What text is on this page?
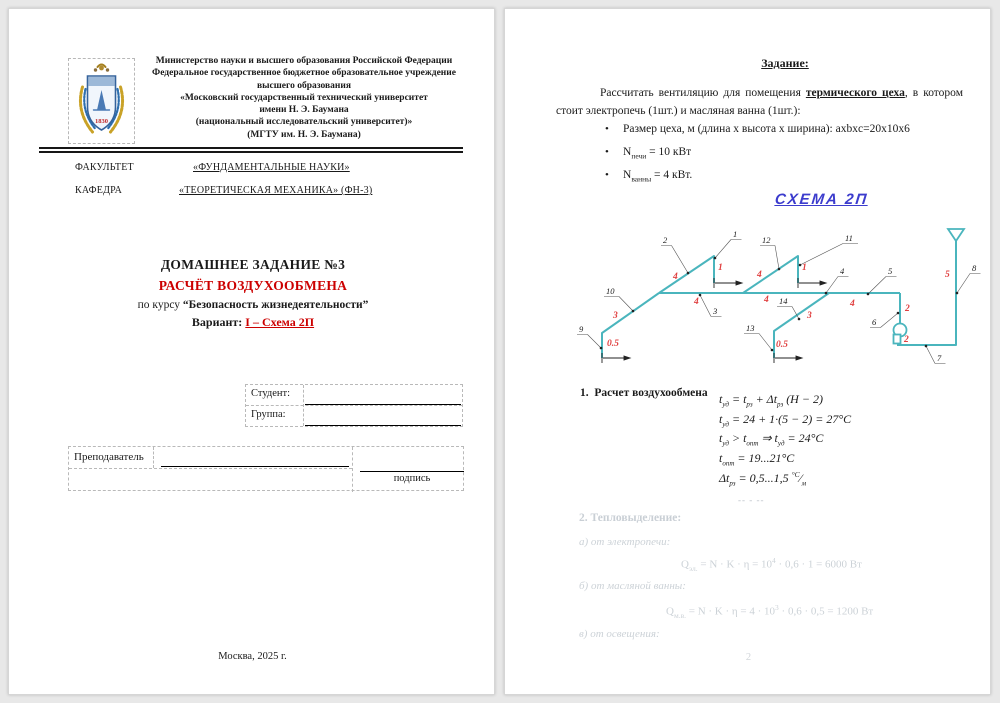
1830
Министерство науки и высшего образования Российской Федерации
Федеральное государственное бюджетное образовательное учреждение
высшего образования
«Московский государственный технический университет
имени Н. Э. Баумана
(национальный исследовательский университет)»
(МГТУ им. Н. Э. Баумана)
ФАКУЛЬТЕТ	«ФУНДАМЕНТАЛЬНЫЕ НАУКИ»
КАФЕДРА	«ТЕОРЕТИЧЕСКАЯ МЕХАНИКА» (ФН-3)
ДОМАШНЕЕ ЗАДАНИЕ №3
РАСЧЁТ ВОЗДУХООБМЕНА
по курсу “Безопасность жизнедеятельности”
Вариант: I – Схема 2П
Студент:
Группа:
Преподаватель
подпись
Москва, 2025 г.
Задание:
Рассчитать вентиляцию для помещения термического цеха, в котором стоит электропечь (1шт.) и масляная ванна (1шт.):
• Размер цеха, м (длина х высота х ширина): axbxc=20x10x6
• $N_{печи} = 10$ кВт
• $N_{ванны} = 4$ кВт.
СХЕМА 2П
1
2	12	11
10
9
3
14
13
4	5
6
7
8
4
1
4
1
4	4	4
3	3
0.5	0.5
2
2
5
1. Расчет воздухообмена $t_{уд} = t_{рз} + \Delta t_{рз}$ (H − 2)
$t_{уд} = 24 + 1\cdot(5 - 2) = 27^\circ C$
$t_{уд} > t_{опт}$ ⇒ $t_{уд} = 24^\circ C$
$t_{опт} = 19...21^\circ C$
$\Delta t_{рз} = 0,5...1,5$ $^{^\circ C}⁄_м$
-- - --
2. Тепловыделение:
а) от электропечи:
$Q_{эл.} = N \cdot K \cdot \eta = 10^4 \cdot 0,6 \cdot 1 = 6000$ Вт
б) от масляной ванны:
$Q_{м.в.} = N \cdot K \cdot \eta = 4 \cdot 10^3 \cdot 0,6 \cdot 0,5 = 1200$ Вт
в) от освещения:
2
